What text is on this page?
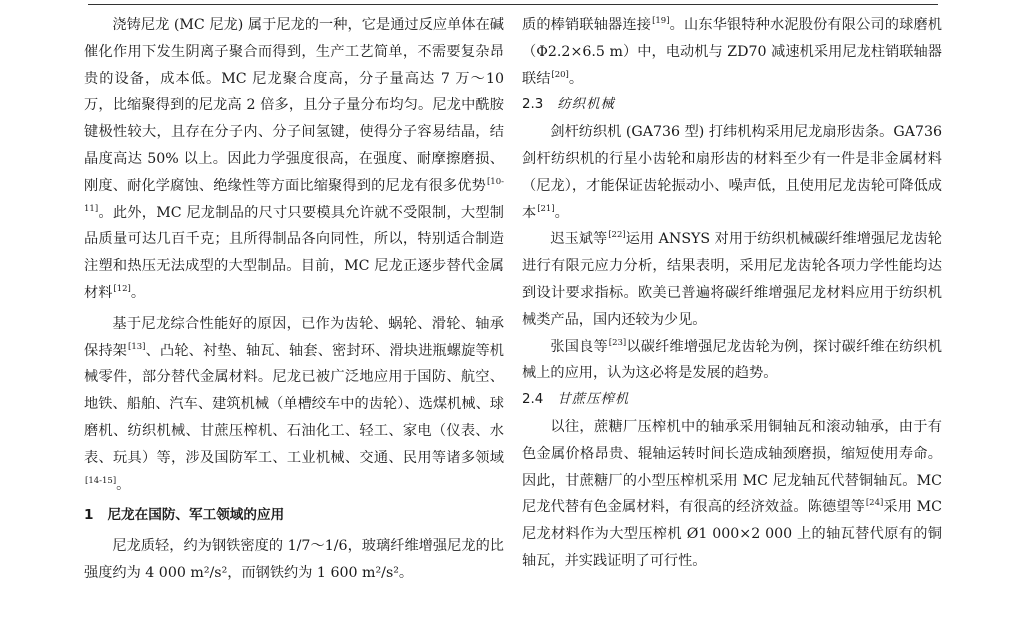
浇铸尼龙 (MC 尼龙) 属于尼龙的一种，它是通过反应单体在碱催化作用下发生阴离子聚合而得到，生产工艺简单，不需要复杂昂贵的设备，成本低。MC 尼龙聚合度高，分子量高达 7 万～10 万，比缩聚得到的尼龙高 2 倍多，且分子量分布均匀。尼龙中酰胺键极性较大，且存在分子内、分子间氢键，使得分子容易结晶，结晶度高达 50% 以上。因此力学强度很高，在强度、耐摩擦磨损、刚度、耐化学腐蚀、绝缘性等方面比缩聚得到的尼龙有很多优势[10-11]。此外，MC 尼龙制品的尺寸只要模具允许就不受限制，大型制品质量可达几百千克；且所得制品各向同性，所以，特别适合制造注塑和热压无法成型的大型制品。目前，MC 尼龙正逐步替代金属材料[12]。

基于尼龙综合性能好的原因，已作为齿轮、蜗轮、滑轮、轴承保持架[13]、凸轮、衬垫、轴瓦、轴套、密封环、滑块进瓶螺旋等机械零件，部分替代金属材料。尼龙已被广泛地应用于国防、航空、地铁、船舶、汽车、建筑机械（单槽绞车中的齿轮）、选煤机械、球磨机、纺织机械、甘蔗压榨机、石油化工、轻工、家电（仪表、水表、玩具）等，涉及国防军工、工业机械、交通、民用等诸多领域[14-15]。

1 尼龙在国防、军工领域的应用

尼龙质轻，约为钢铁密度的 1/7～1/6，玻璃纤维增强尼龙的比强度约为 4 000 m²/s²，而钢铁约为 1 600 m²/s²。

质的棒销联轴器连接[19]。山东华银特种水泥股份有限公司的球磨机（Φ2.2×6.5 m）中，电动机与 ZD70 减速机采用尼龙柱销联轴器联结[20]。

2.3 纺织机械

剑杆纺织机 (GA736 型) 打纬机构采用尼龙扇形齿条。GA736 剑杆纺织机的行星小齿轮和扇形齿的材料至少有一件是非金属材料（尼龙），才能保证齿轮振动小、噪声低，且使用尼龙齿轮可降低成本[21]。

迟玉斌等[22]运用 ANSYS 对用于纺织机械碳纤维增强尼龙齿轮进行有限元应力分析，结果表明，采用尼龙齿轮各项力学性能均达到设计要求指标。欧美已普遍将碳纤维增强尼龙材料应用于纺织机械类产品，国内还较为少见。

张国良等[23]以碳纤维增强尼龙齿轮为例，探讨碳纤维在纺织机械上的应用，认为这必将是发展的趋势。

2.4 甘蔗压榨机

以往，蔗糖厂压榨机中的轴承采用铜轴瓦和滚动轴承，由于有色金属价格昂贵、辊轴运转时间长造成轴颈磨损，缩短使用寿命。因此，甘蔗糖厂的小型压榨机采用 MC 尼龙轴瓦代替铜轴瓦。MC 尼龙代替有色金属材料，有很高的经济效益。陈德望等[24]采用 MC 尼龙材料作为大型压榨机 Ø1 000×2 000 上的轴瓦替代原有的铜轴瓦，并实践证明了可行性。
